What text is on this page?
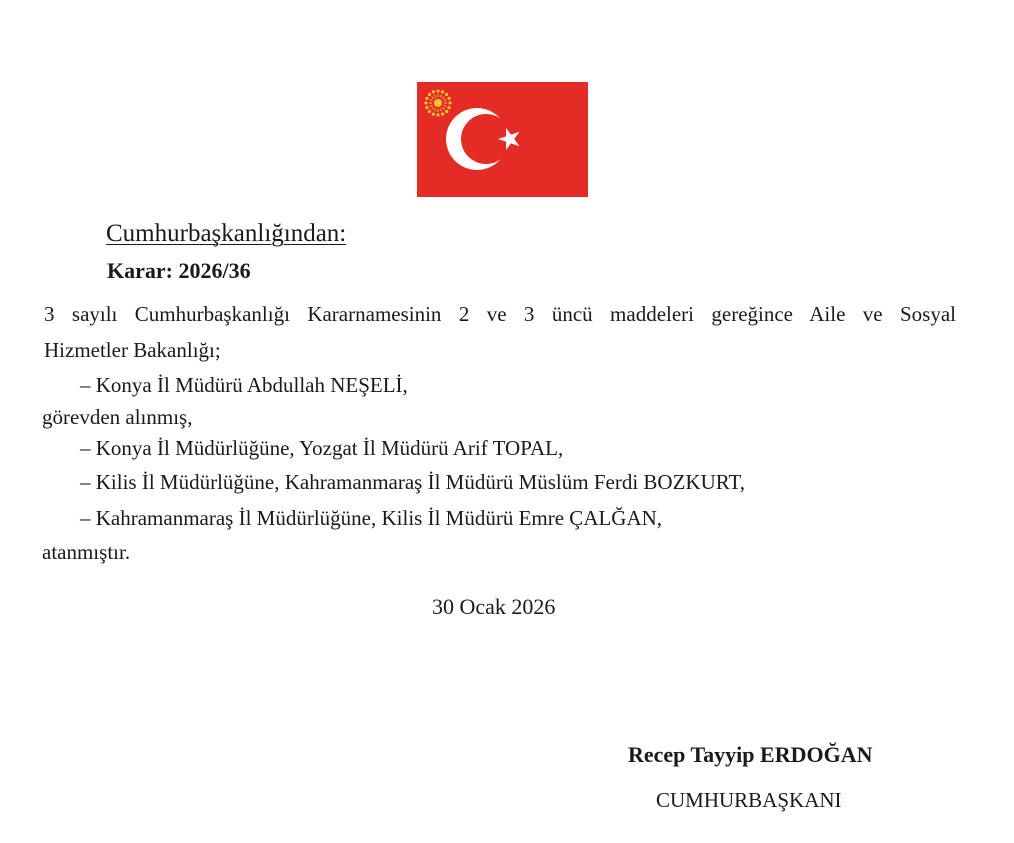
Cumhurbaşkanlığından:
Karar: 2026/36
3 sayılı Cumhurbaşkanlığı Kararnamesinin 2 ve 3 üncü maddeleri gereğince Aile ve Sosyal
Hizmetler Bakanlığı;
– Konya İl Müdürü Abdullah NEŞELİ,
görevden alınmış,
– Konya İl Müdürlüğüne, Yozgat İl Müdürü Arif TOPAL,
– Kilis İl Müdürlüğüne, Kahramanmaraş İl Müdürü Müslüm Ferdi BOZKURT,
– Kahramanmaraş İl Müdürlüğüne, Kilis İl Müdürü Emre ÇALĞAN,
atanmıştır.
30 Ocak 2026
Recep Tayyip ERDOĞAN
CUMHURBAŞKANI
